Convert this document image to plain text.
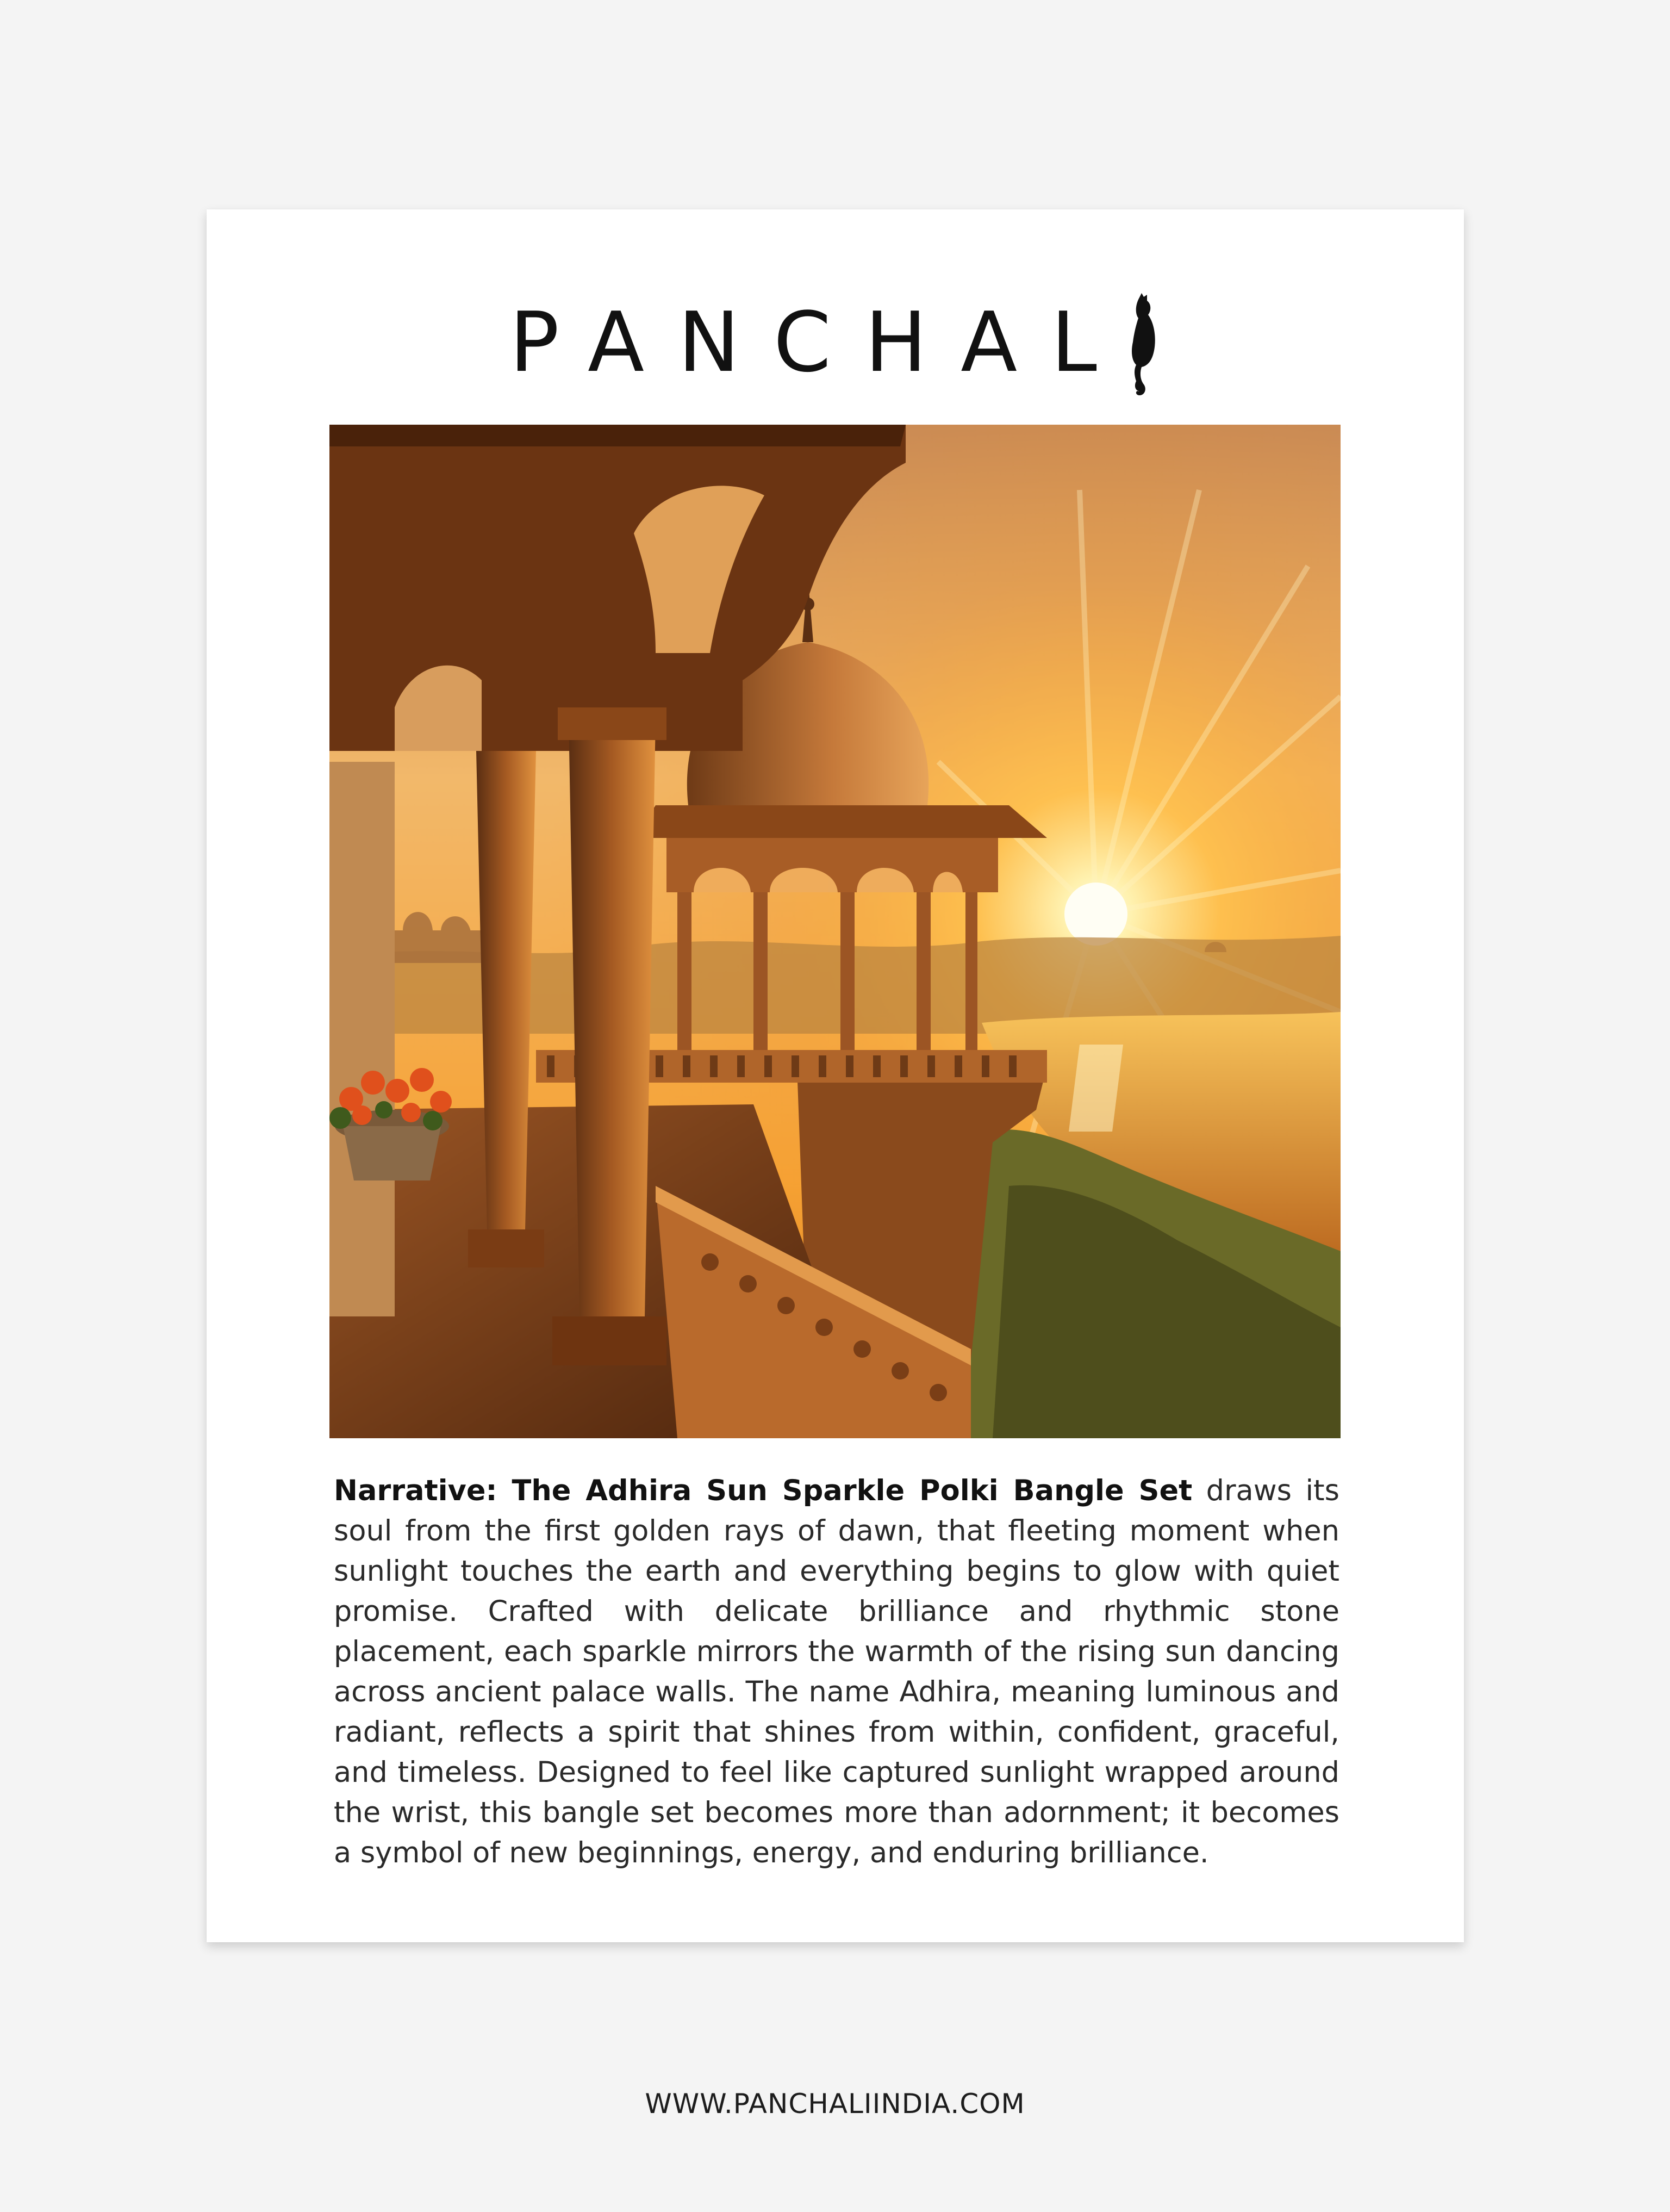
PANCHAL

Narrative: The Adhira Sun Sparkle Polki Bangle Set draws its soul from the first golden rays of dawn, that fleeting moment when sunlight touches the earth and everything begins to glow with quiet promise. Crafted with delicate brilliance and rhythmic stone placement, each sparkle mirrors the warmth of the rising sun dancing across ancient palace walls. The name Adhira, meaning luminous and radiant, reflects a spirit that shines from within, confident, graceful, and timeless. Designed to feel like captured sunlight wrapped around the wrist, this bangle set becomes more than adornment; it becomes a symbol of new beginnings, energy, and enduring brilliance.

WWW.PANCHALIINDIA.COM
